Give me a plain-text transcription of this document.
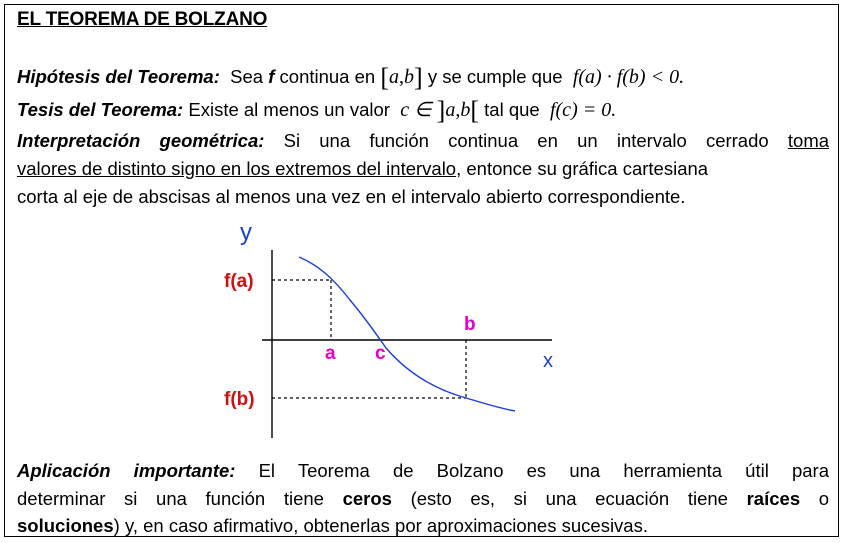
EL TEOREMA DE BOLZANO
Hipótesis del Teorema: Sea f continua en [a,b] y se cumple que f(a) · f(b) < 0.
Tesis del Teorema: Existe al menos un valor c ∈ ]a,b[ tal que f(c) = 0.
Interpretación geométrica: Si una función continua en un intervalo cerrado toma
valores de distinto signo en los extremos del intervalo , entonce su gráfica cartesiana
corta al eje de abscisas al menos una vez en el intervalo abierto correspondiente.
y
x
f(a)
f(b)
a c
b
Aplicación importante: El Teorema de Bolzano es una herramienta útil para
determinar si una función tiene ceros (esto es, si una ecuación tiene raíces o
soluciones) y, en caso afirmativo, obtenerlas por aproximaciones sucesivas.
